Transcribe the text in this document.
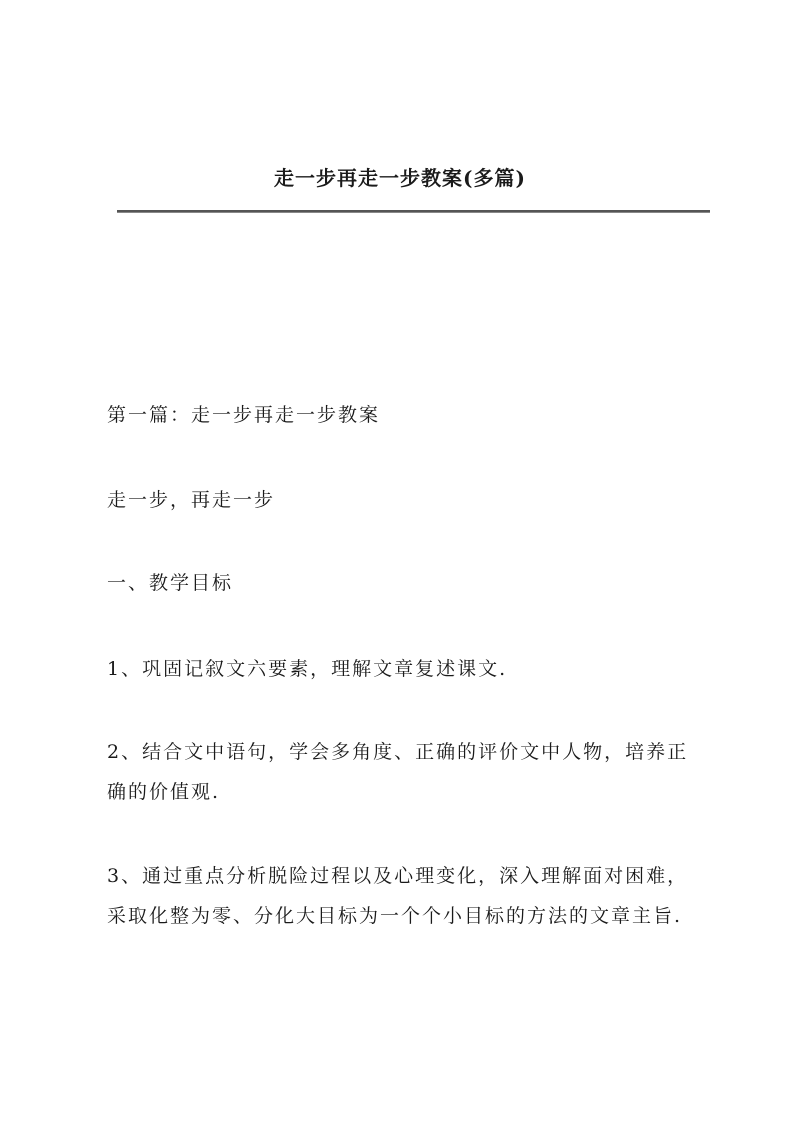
走一步再走一步教案(多篇)

第一篇：走一步再走一步教案

走一步，再走一步

一、教学目标

1、巩固记叙文六要素，理解文章复述课文.

2、结合文中语句，学会多角度、正确的评价文中人物，培养正
确的价值观.

3、通过重点分析脱险过程以及心理变化，深入理解面对困难，
采取化整为零、分化大目标为一个个小目标的方法的文章主旨.
